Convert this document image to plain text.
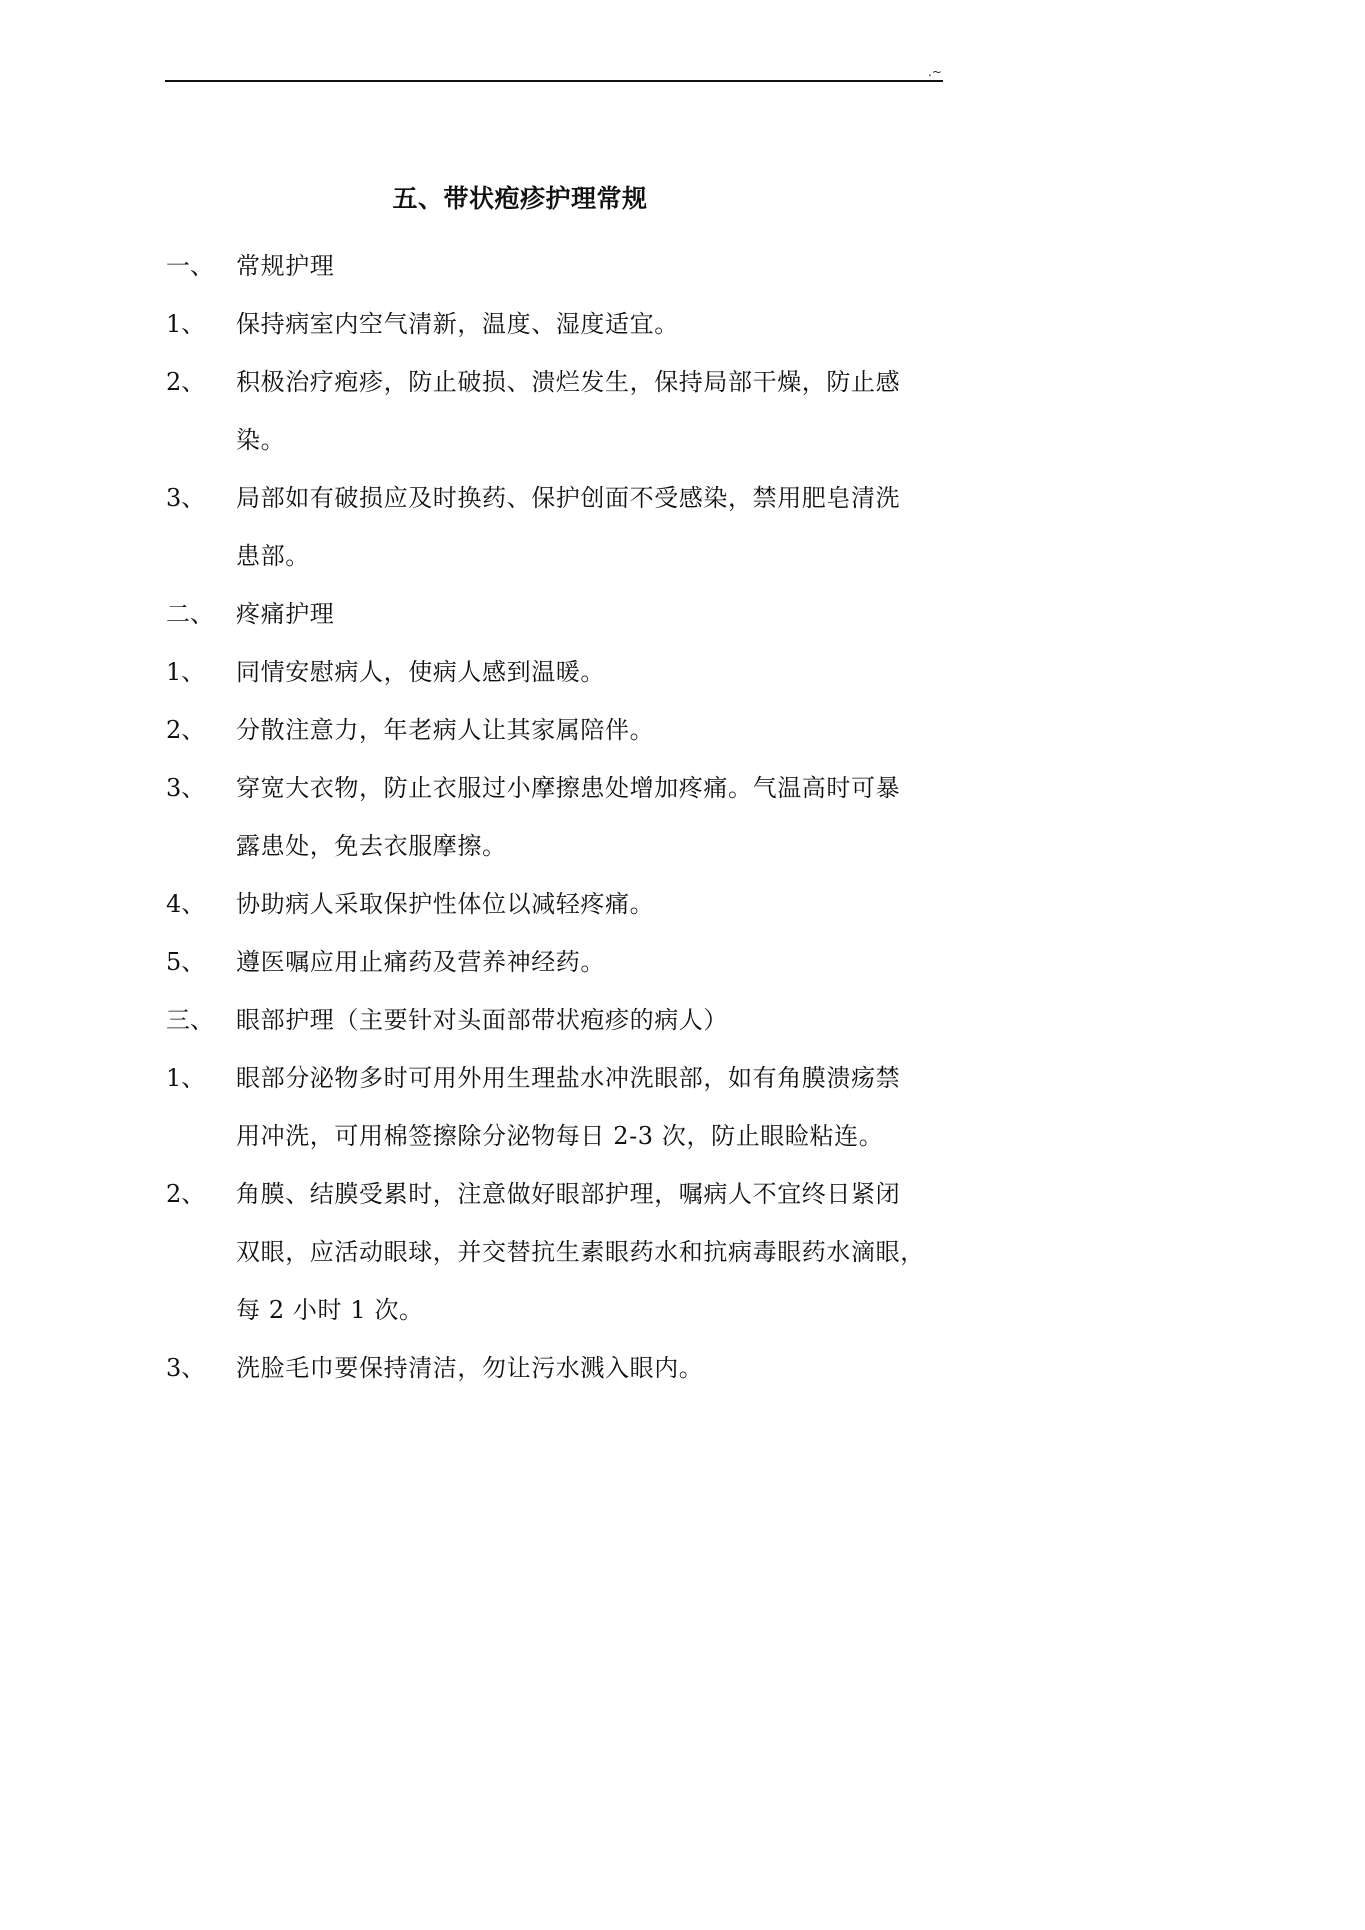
.~
五、带状疱疹护理常规
一、 常规护理
1、	保持病室内空气清新，温度、湿度适宜。
2、	积极治疗疱疹，防止破损、溃烂发生，保持局部干燥，防止感
染。
3、	局部如有破损应及时换药、保护创面不受感染，禁用肥皂清洗
患部。
二、 疼痛护理
1、	同情安慰病人，使病人感到温暖。
2、	分散注意力，年老病人让其家属陪伴。
3、	穿宽大衣物，防止衣服过小摩擦患处增加疼痛。气温高时可暴
露患处，免去衣服摩擦。
4、	协助病人采取保护性体位以减轻疼痛。
5、	遵医嘱应用止痛药及营养神经药。
三、 眼部护理（主要针对头面部带状疱疹的病人）
1、	眼部分泌物多时可用外用生理盐水冲洗眼部，如有角膜溃疡禁
用冲洗，可用棉签擦除分泌物每日 2-3 次，防止眼睑粘连。
2、	角膜、结膜受累时，注意做好眼部护理，嘱病人不宜终日紧闭
双眼，应活动眼球，并交替抗生素眼药水和抗病毒眼药水滴眼，
每 2 小时 1 次。
3、	洗脸毛巾要保持清洁，勿让污水溅入眼内。
